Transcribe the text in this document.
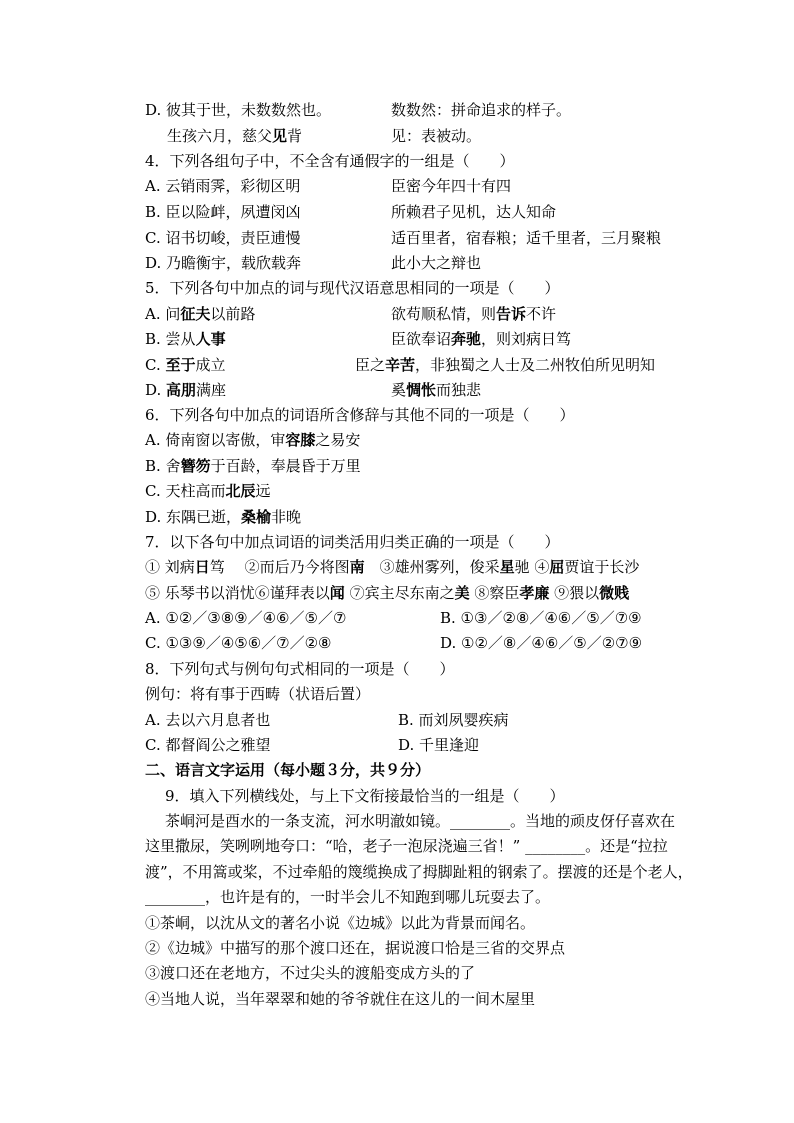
D. 彼其于世，未数数然也。	数数然：拼命追求的样子。
生孩六月，慈父见背	见：表被动。
4．下列各组句子中，不全含有通假字的一组是（　　）
A. 云销雨霁，彩彻区明	臣密今年四十有四
B. 臣以险衅，夙遭闵凶	所赖君子见机，达人知命
C. 诏书切峻，责臣逋慢	适百里者，宿春粮；适千里者，三月聚粮
D. 乃瞻衡宇，载欣载奔	此小大之辩也
5．下列各句中加点的词与现代汉语意思相同的一项是（　　）
A. 问征夫以前路	欲苟顺私情，则告诉不许
B. 尝从人事	臣欲奉诏奔驰，则刘病日笃
C. 至于成立	臣之辛苦，非独蜀之人士及二州牧伯所见明知
D. 高朋满座	奚惆怅而独悲
6．下列各句中加点的词语所含修辞与其他不同的一项是（　　）
A. 倚南窗以寄傲，审容膝之易安
B. 舍簪笏于百龄，奉晨昏于万里
C. 天柱高而北辰远
D. 东隅已逝，桑榆非晚
7．以下各句中加点词语的词类活用归类正确的一项是（　　）
① 刘病日笃　 ②而后乃今将图南　③雄州雾列，俊采星驰 ④屈贾谊于长沙
⑤ 乐琴书以消忧⑥谨拜表以闻 ⑦宾主尽东南之美 ⑧察臣孝廉 ⑨猥以微贱
A. ①②／③⑧⑨／④⑥／⑤／⑦	B. ①③／②⑧／④⑥／⑤／⑦⑨
C. ①③⑨／④⑤⑥／⑦／②⑧	D. ①②／⑧／④⑥／⑤／②⑦⑨
8．下列句式与例句句式相同的一项是（　　）
例句：将有事于西畴（状语后置）
A. 去以六月息者也	B. 而刘夙婴疾病
C. 都督阎公之雅望	D. 千里逢迎
二、语言文字运用（每小题３分，共９分）
9．填入下列横线处，与上下文衔接最恰当的一组是（　　）
茶峒河是酉水的一条支流，河水明澈如镜。________。当地的顽皮伢仔喜欢在
这里撒尿，笑咧咧地夸口：“哈，老子一泡尿浇遍三省！” ________。还是“拉拉
渡”，不用篙或桨，不过牵船的篾缆换成了拇脚趾粗的钢索了。摆渡的还是个老人，
________，也许是有的，一时半会儿不知跑到哪儿玩耍去了。
①茶峒，以沈从文的著名小说《边城》以此为背景而闻名。
②《边城》中描写的那个渡口还在，据说渡口恰是三省的交界点
③渡口还在老地方，不过尖头的渡船变成方头的了
④当地人说，当年翠翠和她的爷爷就住在这儿的一间木屋里
